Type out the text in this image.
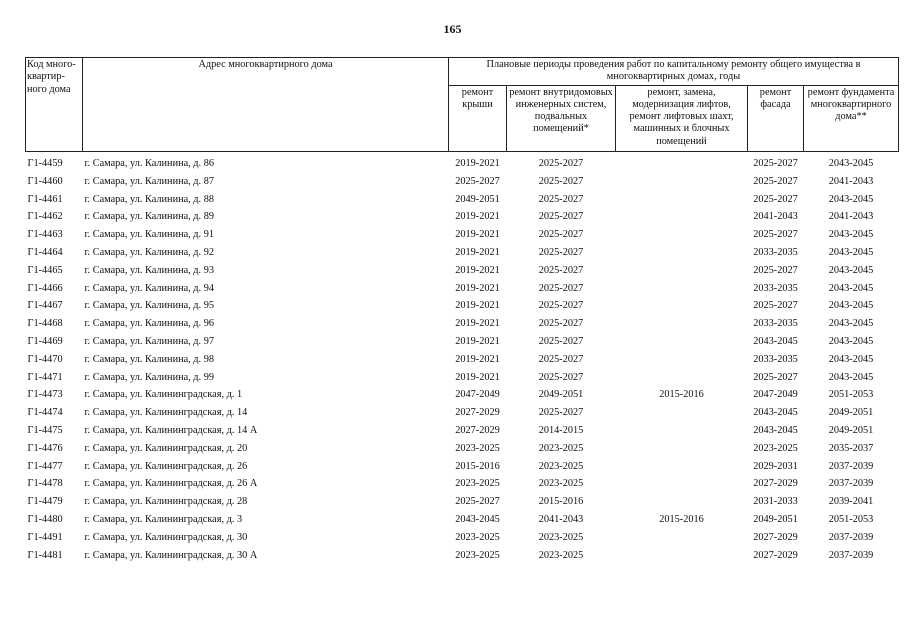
165
Код много-квартир-ного дома	Адрес многоквартирного дома	Плановые периоды проведения работ по капитальному ремонту общего имущества в многоквартирных домах, годы				
		ремонт крыши	ремонт внутридомовых инженерных систем, подвальных помещений*	ремонт, замена, модернизация лифтов, ремонт лифтовых шахт, машинных и блочных помещений	ремонт фасада	ремонт фундамента многоквартирного дома**
Г1-4459	г. Самара, ул. Калинина, д. 86	2019-2021	2025-2027		2025-2027	2043-2045
Г1-4460	г. Самара, ул. Калинина, д. 87	2025-2027	2025-2027		2025-2027	2041-2043
Г1-4461	г. Самара, ул. Калинина, д. 88	2049-2051	2025-2027		2025-2027	2043-2045
Г1-4462	г. Самара, ул. Калинина, д. 89	2019-2021	2025-2027		2041-2043	2041-2043
Г1-4463	г. Самара, ул. Калинина, д. 91	2019-2021	2025-2027		2025-2027	2043-2045
Г1-4464	г. Самара, ул. Калинина, д. 92	2019-2021	2025-2027		2033-2035	2043-2045
Г1-4465	г. Самара, ул. Калинина, д. 93	2019-2021	2025-2027		2025-2027	2043-2045
Г1-4466	г. Самара, ул. Калинина, д. 94	2019-2021	2025-2027		2033-2035	2043-2045
Г1-4467	г. Самара, ул. Калинина, д. 95	2019-2021	2025-2027		2025-2027	2043-2045
Г1-4468	г. Самара, ул. Калинина, д. 96	2019-2021	2025-2027		2033-2035	2043-2045
Г1-4469	г. Самара, ул. Калинина, д. 97	2019-2021	2025-2027		2043-2045	2043-2045
Г1-4470	г. Самара, ул. Калинина, д. 98	2019-2021	2025-2027		2033-2035	2043-2045
Г1-4471	г. Самара, ул. Калинина, д. 99	2019-2021	2025-2027		2025-2027	2043-2045
Г1-4473	г. Самара, ул. Калининградская, д. 1	2047-2049	2049-2051	2015-2016	2047-2049	2051-2053
Г1-4474	г. Самара, ул. Калининградская, д. 14	2027-2029	2025-2027		2043-2045	2049-2051
Г1-4475	г. Самара, ул. Калининградская, д. 14 А	2027-2029	2014-2015		2043-2045	2049-2051
Г1-4476	г. Самара, ул. Калининградская, д. 20	2023-2025	2023-2025		2023-2025	2035-2037
Г1-4477	г. Самара, ул. Калининградская, д. 26	2015-2016	2023-2025		2029-2031	2037-2039
Г1-4478	г. Самара, ул. Калининградская, д. 26 А	2023-2025	2023-2025		2027-2029	2037-2039
Г1-4479	г. Самара, ул. Калининградская, д. 28	2025-2027	2015-2016		2031-2033	2039-2041
Г1-4480	г. Самара, ул. Калининградская, д. 3	2043-2045	2041-2043	2015-2016	2049-2051	2051-2053
Г1-4491	г. Самара, ул. Калининградская, д. 30	2023-2025	2023-2025		2027-2029	2037-2039
Г1-4481	г. Самара, ул. Калининградская, д. 30 А	2023-2025	2023-2025		2027-2029	2037-2039
